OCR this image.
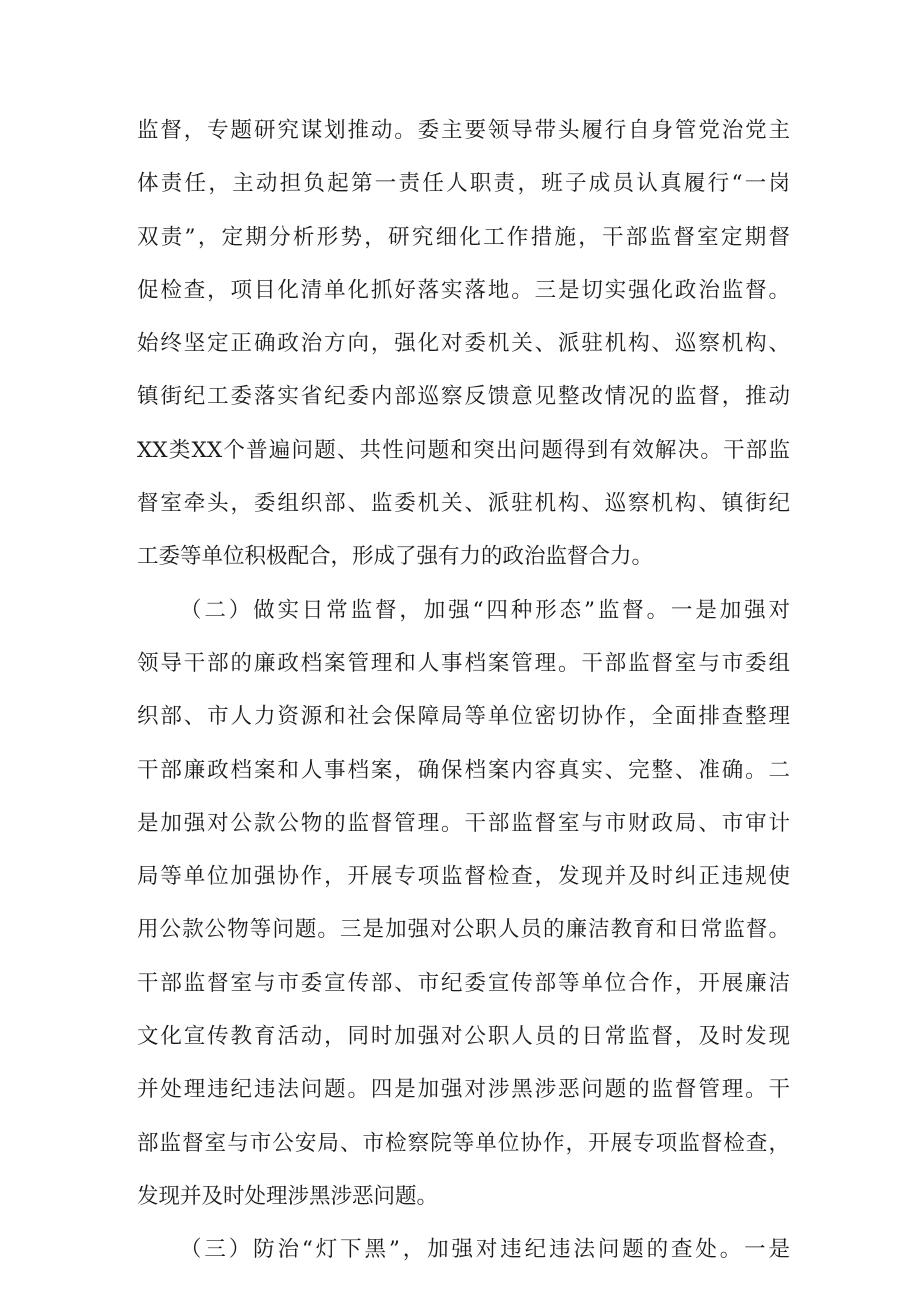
监督，专题研究谋划推动。委主要领导带头履行自身管党治党主
体责任，主动担负起第一责任人职责，班子成员认真履行“一岗
双责”，定期分析形势，研究细化工作措施，干部监督室定期督
促检查，项目化清单化抓好落实落地。三是切实强化政治监督。
始终坚定正确政治方向，强化对委机关、派驻机构、巡察机构、
镇街纪工委落实省纪委内部巡察反馈意见整改情况的监督，推动
XX类XX个普遍问题、共性问题和突出问题得到有效解决。干部监
督室牵头，委组织部、监委机关、派驻机构、巡察机构、镇街纪
工委等单位积极配合，形成了强有力的政治监督合力。
（二）做实日常监督，加强“四种形态”监督。一是加强对
领导干部的廉政档案管理和人事档案管理。干部监督室与市委组
织部、市人力资源和社会保障局等单位密切协作，全面排查整理
干部廉政档案和人事档案，确保档案内容真实、完整、准确。二
是加强对公款公物的监督管理。干部监督室与市财政局、市审计
局等单位加强协作，开展专项监督检查，发现并及时纠正违规使
用公款公物等问题。三是加强对公职人员的廉洁教育和日常监督。
干部监督室与市委宣传部、市纪委宣传部等单位合作，开展廉洁
文化宣传教育活动，同时加强对公职人员的日常监督，及时发现
并处理违纪违法问题。四是加强对涉黑涉恶问题的监督管理。干
部监督室与市公安局、市检察院等单位协作，开展专项监督检查，
发现并及时处理涉黑涉恶问题。
（三）防治“灯下黑”，加强对违纪违法问题的查处。一是
